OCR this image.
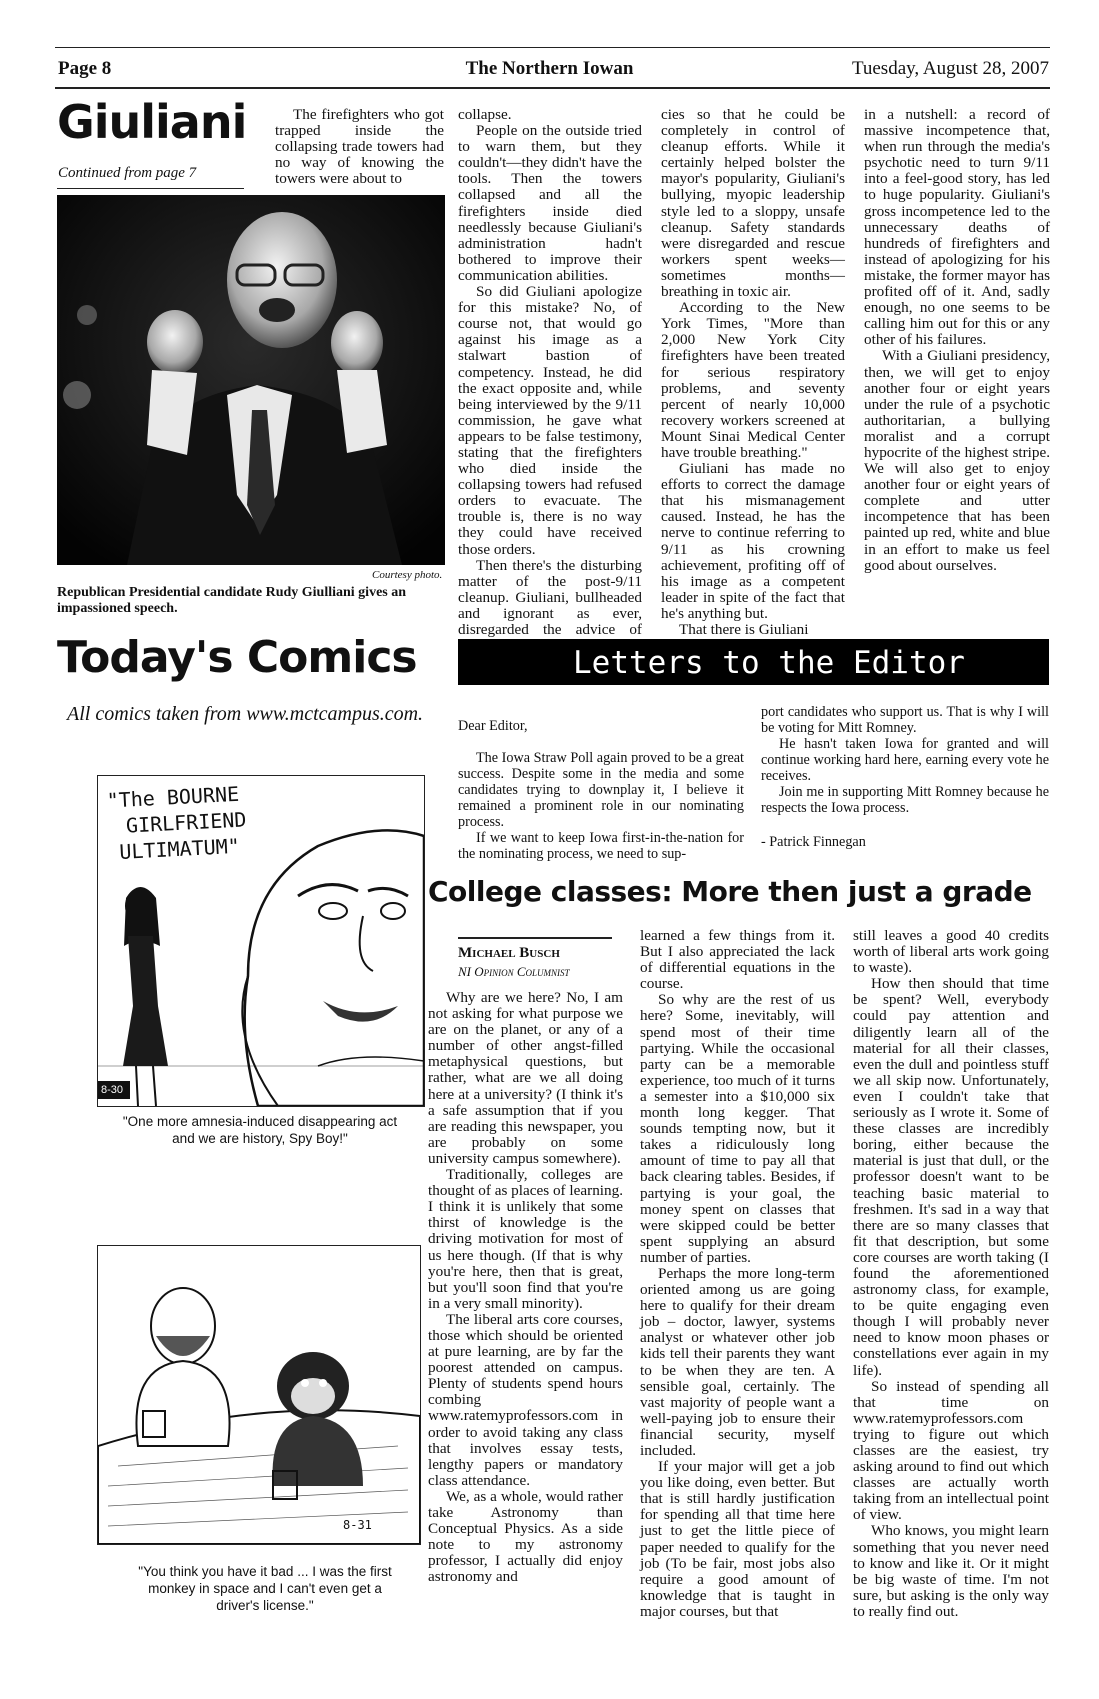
Page 8	The Northern Iowan	Tuesday, August 28, 2007
Giuliani
Continued from page 7

The firefighters who got trapped inside the collapsing trade towers had no way of knowing the towers were about to

Courtesy photo.
Republican Presidential candidate Rudy Giulliani gives an impassioned speech.

collapse.

People on the outside tried to warn them, but they couldn't—they didn't have the tools. Then the towers collapsed and all the firefighters inside died needlessly because Giuliani's administration hadn't bothered to improve their communication abilities.

So did Giuliani apologize for this mistake? No, of course not, that would go against his image as a stalwart bastion of competency. Instead, he did the exact opposite and, while being interviewed by the 9/11 commission, he gave what appears to be false testimony, stating that the firefighters who died inside the collapsing towers had refused orders to evacuate. The trouble is, there is no way they could have received those orders.

Then there's the disturbing matter of the post-9/11 cleanup. Giuliani, bullheaded and ignorant as ever, disregarded the advice of

cies so that he could be completely in control of cleanup efforts. While it certainly helped bolster the mayor's popularity, Giuliani's bullying, myopic leadership style led to a sloppy, unsafe cleanup. Safety standards were disregarded and rescue workers spent weeks—sometimes months—breathing in toxic air.

According to the New York Times, "More than 2,000 New York City firefighters have been treated for serious respiratory problems, and seventy percent of nearly 10,000 recovery workers screened at Mount Sinai Medical Center have trouble breathing."

Giuliani has made no efforts to correct the damage that his mismanagement caused. Instead, he has the nerve to continue referring to 9/11 as his crowning achievement, profiting off of his image as a competent leader in spite of the fact that he's anything but.

That there is Giuliani

in a nutshell: a record of massive incompetence that, when run through the media's psychotic need to turn 9/11 into a feel-good story, has led to huge popularity. Giuliani's gross incompetence led to the unnecessary deaths of hundreds of firefighters and instead of apologizing for his mistake, the former mayor has profited off of it. And, sadly enough, no one seems to be calling him out for this or any other of his failures.

With a Giuliani presidency, then, we will get to enjoy another four or eight years under the rule of a psychotic authoritarian, a bullying moralist and a corrupt hypocrite of the highest stripe. We will also get to enjoy another four or eight years of complete and utter incompetence that has been painted up red, white and blue in an effort to make us feel good about ourselves.

Today's Comics
All comics taken from www.mctcampus.com.
"The BOURNE
GIRLFRIEND
ULTIMATUM"
8-30
"One more amnesia-induced disappearing act and we are history, Spy Boy!"
8-31
"You think you have it bad ... I was the first monkey in space and I can't even get a driver's license."
Letters to the Editor

Dear Editor,

The Iowa Straw Poll again proved to be a great success. Despite some in the media and some candidates trying to downplay it, I believe it remained a prominent role in our nominating process.

If we want to keep Iowa first-in-the-nation for the nominating process, we need to sup-

port candidates who support us. That is why I will be voting for Mitt Romney.

He hasn't taken Iowa for granted and will continue working hard here, earning every vote he receives.

Join me in supporting Mitt Romney because he respects the Iowa process.

- Patrick Finnegan

College classes: More then just a grade
Michael Busch
NI Opinion Columnist

Why are we here? No, I am not asking for what purpose we are on the planet, or any of a number of other angst-filled metaphysical questions, but rather, what are we all doing here at a university? (I think it's a safe assumption that if you are reading this newspaper, you are probably on some university campus somewhere).

Traditionally, colleges are thought of as places of learning. I think it is unlikely that some thirst of knowledge is the driving motivation for most of us here though. (If that is why you're here, then that is great, but you'll soon find that you're in a very small minority).

The liberal arts core courses, those which should be oriented at pure learning, are by far the poorest attended on campus. Plenty of students spend hours combing www.ratemyprofessors.com in order to avoid taking any class that involves essay tests, lengthy papers or mandatory class attendance.

We, as a whole, would rather take Astronomy than Conceptual Physics. As a side note to my astronomy professor, I actually did enjoy astronomy and

learned a few things from it. But I also appreciated the lack of differential equations in the course.

So why are the rest of us here? Some, inevitably, will spend most of their time partying. While the occasional party can be a memorable experience, too much of it turns a semester into a $10,000 six month long kegger. That sounds tempting now, but it takes a ridiculously long amount of time to pay all that back clearing tables. Besides, if partying is your goal, the money spent on classes that were skipped could be better spent supplying an absurd number of parties.

Perhaps the more long-term oriented among us are going here to qualify for their dream job – doctor, lawyer, systems analyst or whatever other job kids tell their parents they want to be when they are ten. A sensible goal, certainly. The vast majority of people want a well-paying job to ensure their financial security, myself included.

If your major will get a job you like doing, even better. But that is still hardly justification for spending all that time here just to get the little piece of paper needed to qualify for the job (To be fair, most jobs also require a good amount of knowledge that is taught in major courses, but that

still leaves a good 40 credits worth of liberal arts work going to waste).

How then should that time be spent? Well, everybody could pay attention and diligently learn all of the material for all their classes, even the dull and pointless stuff we all skip now. Unfortunately, even I couldn't take that seriously as I wrote it. Some of these classes are incredibly boring, either because the material is just that dull, or the professor doesn't want to be teaching basic material to freshmen. It's sad in a way that there are so many classes that fit that description, but some core courses are worth taking (I found the aforementioned astronomy class, for example, to be quite engaging even though I will probably never need to know moon phases or constellations ever again in my life).

So instead of spending all that time on www.ratemyprofessors.com trying to figure out which classes are the easiest, try asking around to find out which classes are actually worth taking from an intellectual point of view.

Who knows, you might learn something that you never need to know and like it. Or it might be big waste of time. I'm not sure, but asking is the only way to really find out.
